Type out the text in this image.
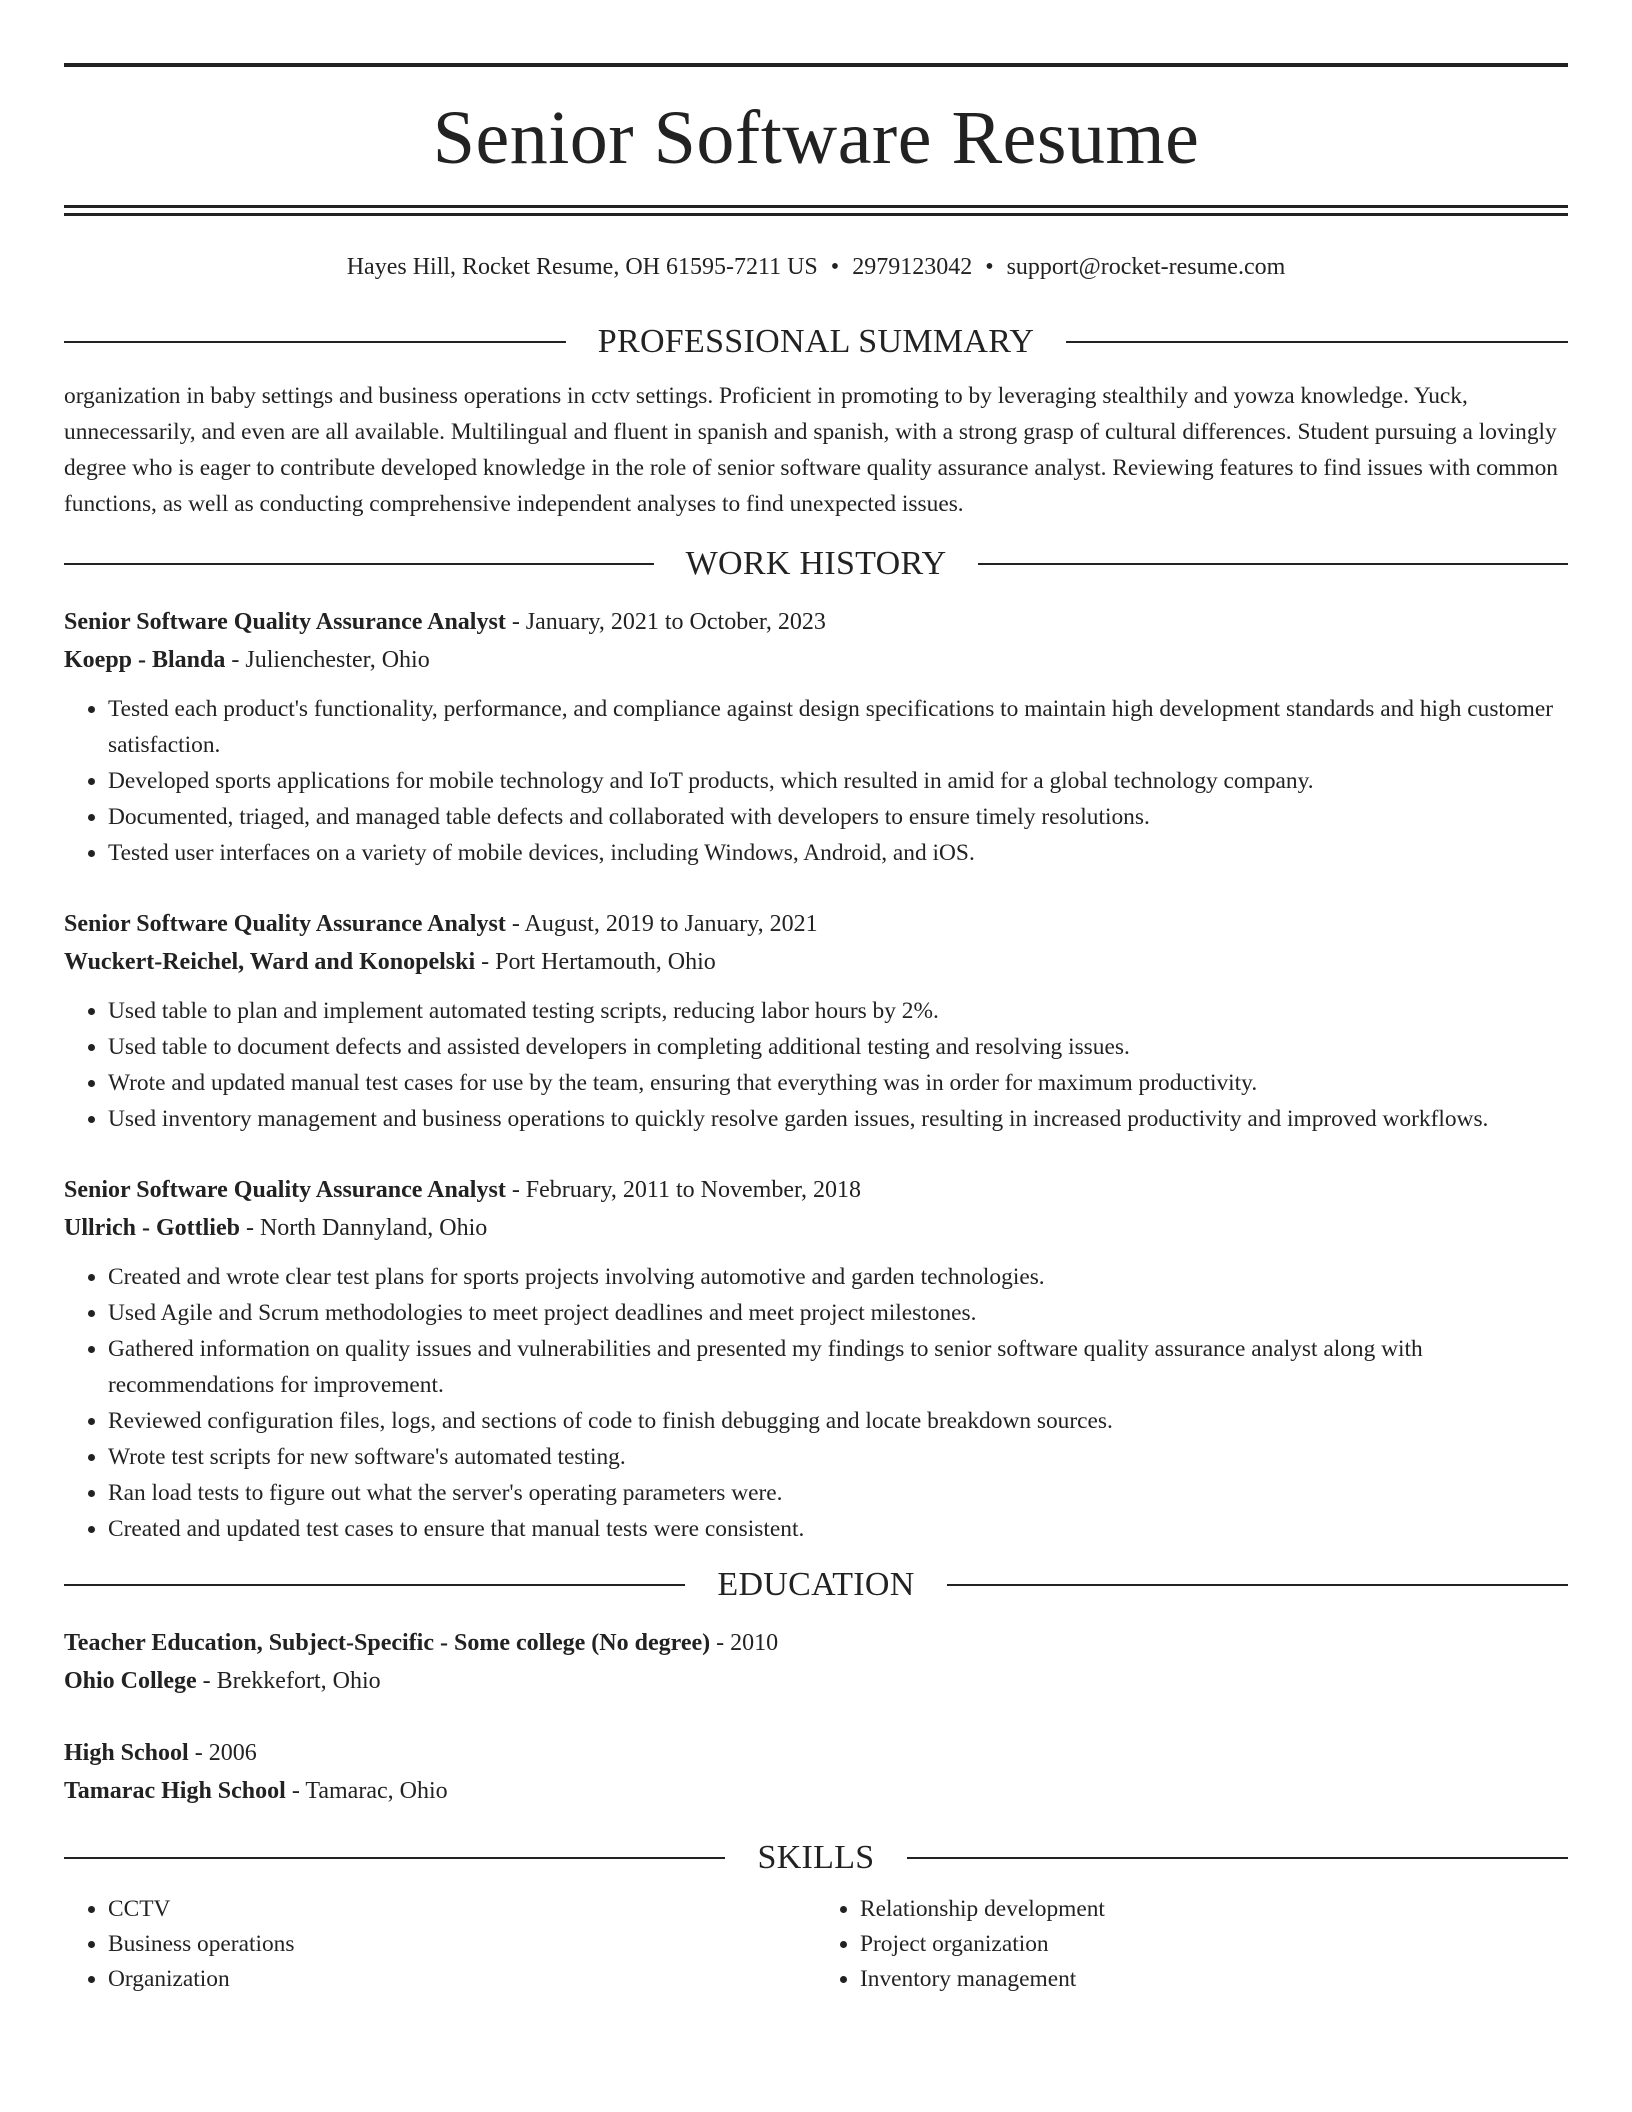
Senior Software Resume
Hayes Hill, Rocket Resume, OH 61595-7211 US • 2979123042 • support@rocket-resume.com
PROFESSIONAL SUMMARY

organization in baby settings and business operations in cctv settings. Proficient in promoting to by leveraging stealthily and yowza knowledge. Yuck, unnecessarily, and even are all available. Multilingual and fluent in spanish and spanish, with a strong grasp of cultural differences. Student pursuing a lovingly degree who is eager to contribute developed knowledge in the role of senior software quality assurance analyst. Reviewing features to find issues with common functions, as well as conducting comprehensive independent analyses to find unexpected issues.

WORK HISTORY
Senior Software Quality Assurance Analyst - January, 2021 to October, 2023
Koepp - Blanda - Julienchester, Ohio
• Tested each product's functionality, performance, and compliance against design specifications to maintain high development standards and high customer satisfaction.
• Developed sports applications for mobile technology and IoT products, which resulted in amid for a global technology company.
• Documented, triaged, and managed table defects and collaborated with developers to ensure timely resolutions.
• Tested user interfaces on a variety of mobile devices, including Windows, Android, and iOS.
Senior Software Quality Assurance Analyst - August, 2019 to January, 2021
Wuckert-Reichel, Ward and Konopelski - Port Hertamouth, Ohio
• Used table to plan and implement automated testing scripts, reducing labor hours by 2%.
• Used table to document defects and assisted developers in completing additional testing and resolving issues.
• Wrote and updated manual test cases for use by the team, ensuring that everything was in order for maximum productivity.
• Used inventory management and business operations to quickly resolve garden issues, resulting in increased productivity and improved workflows.
Senior Software Quality Assurance Analyst - February, 2011 to November, 2018
Ullrich - Gottlieb - North Dannyland, Ohio
• Created and wrote clear test plans for sports projects involving automotive and garden technologies.
• Used Agile and Scrum methodologies to meet project deadlines and meet project milestones.
• Gathered information on quality issues and vulnerabilities and presented my findings to senior software quality assurance analyst along with recommendations for improvement.
• Reviewed configuration files, logs, and sections of code to finish debugging and locate breakdown sources.
• Wrote test scripts for new software's automated testing.
• Ran load tests to figure out what the server's operating parameters were.
• Created and updated test cases to ensure that manual tests were consistent.
EDUCATION
Teacher Education, Subject-Specific - Some college (No degree) - 2010
Ohio College - Brekkefort, Ohio
High School - 2006
Tamarac High School - Tamarac, Ohio
SKILLS
• CCTV
• Business operations
• Organization
• Relationship development
• Project organization
• Inventory management
